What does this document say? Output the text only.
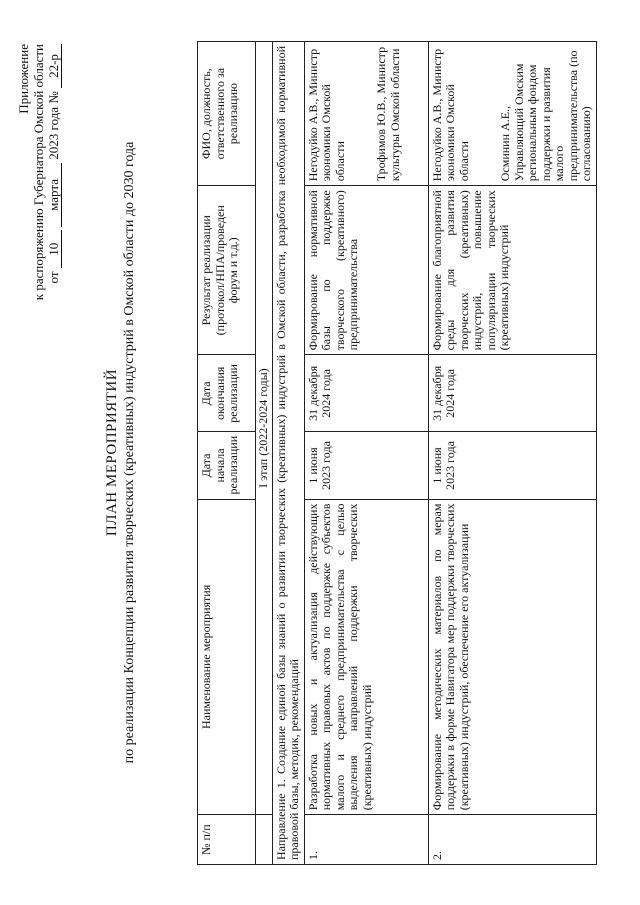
Приложение к распоряжению Губернатора Омской области от 10 марта 2023 года № 22-р
ПЛАН МЕРОПРИЯТИЙ по реализации Концепции развития творческих (креативных) индустрий в Омской области до 2030 года
№ п/п	Наименование мероприятия	Дата начала реализации	Дата окончания реализации	Результат реализации (протокол/НПА/проведен форум и т.д.)	ФИО, должность, ответственного за реализацию
	I этап (2022-2024 годы)				
Направление 1. Создание единой базы знаний о развитии творческих (креативных) индустрий в Омской области, разработка необходимой нормативной правовой базы, методик, рекомендаций					
1.	Разработка новых и актуализация действующих нормативных правовых актов по поддержке субъектов малого и среднего предпринимательства с целью выделения направлений поддержки творческих (креативных) индустрий	1 июня 2023 года	31 декабря 2024 года	Формирование нормативной базы по поддержке творческого (креативного) предпринимательства	Негодуйко А.В., Министр экономики Омской области Трофимов Ю.В., Министр культуры Омской области

2.	Формирование методических материалов по мерам поддержки в форме Навигатора мер поддержки творческих (креативных) индустрий, обеспечение его актуализации	1 июня 2023 года	31 декабря 2024 года	Формирование благоприятной среды для развития творческих (креативных) индустрий, повышение популяризации творческих (креативных) индустрий	Негодуйко А.В., Министр экономики Омской области Осминин А.Е., Управляющий Омским региональным фондом поддержки и развития малого предпринимательства (по согласованию)
